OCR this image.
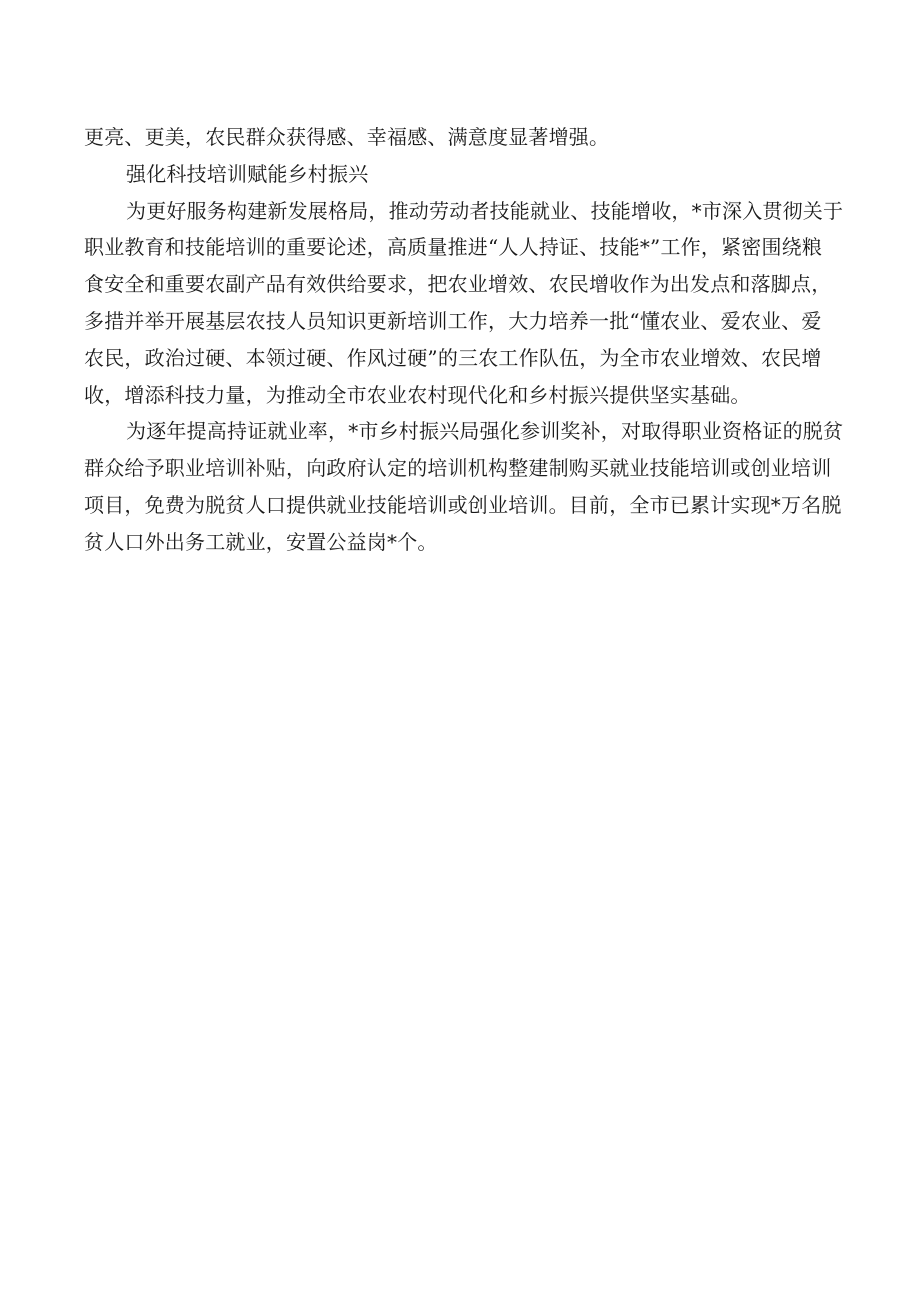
更亮、更美，农民群众获得感、幸福感、满意度显著增强。

强化科技培训赋能乡村振兴

为更好服务构建新发展格局，推动劳动者技能就业、技能增收，*市深入贯彻关于

职业教育和技能培训的重要论述，高质量推进“人人持证、技能*”工作，紧密围绕粮

食安全和重要农副产品有效供给要求，把农业增效、农民增收作为出发点和落脚点，

多措并举开展基层农技人员知识更新培训工作，大力培养一批“懂农业、爱农业、爱

农民，政治过硬、本领过硬、作风过硬”的三农工作队伍，为全市农业增效、农民增

收，增添科技力量，为推动全市农业农村现代化和乡村振兴提供坚实基础。

为逐年提高持证就业率，*市乡村振兴局强化参训奖补，对取得职业资格证的脱贫

群众给予职业培训补贴，向政府认定的培训机构整建制购买就业技能培训或创业培训

项目，免费为脱贫人口提供就业技能培训或创业培训。目前，全市已累计实现*万名脱

贫人口外出务工就业，安置公益岗*个。
